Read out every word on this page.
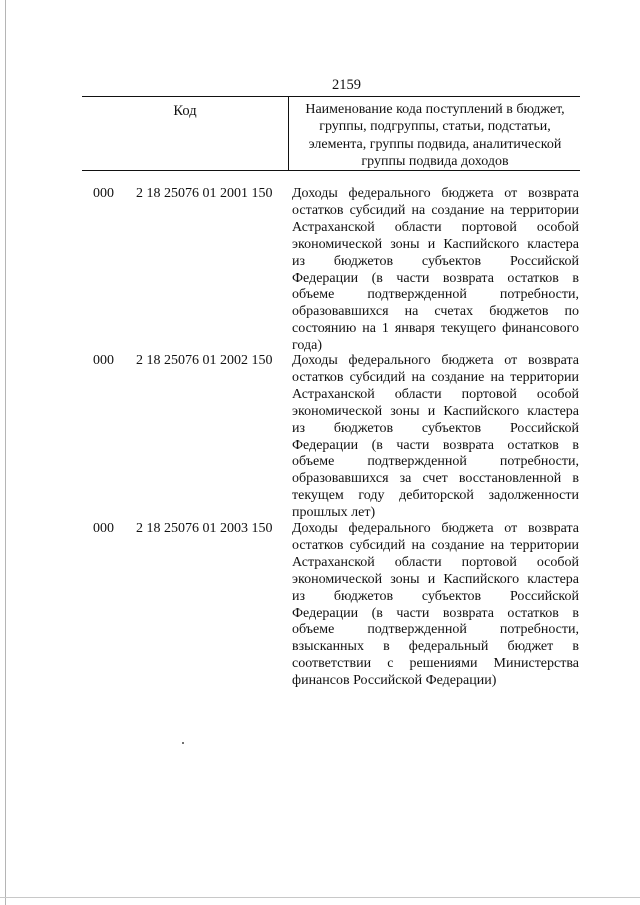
2159
Код	Наименование кода поступлений в бюджет,
группы, подгруппы, статьи, подстатьи,
элемента, группы подвида, аналитической
группы подвида доходов
000 2 18 25076 01 2001 150 Доходы федерального бюджета от возврата
остатков субсидий на создание на территории
Астраханской области портовой особой
экономической зоны и Каспийского кластера
из бюджетов субъектов Российской
Федерации (в части возврата остатков в
объеме подтвержденной потребности,
образовавшихся на счетах бюджетов по
состоянию на 1 января текущего финансового
года)
000 2 18 25076 01 2002 150 Доходы федерального бюджета от возврата
остатков субсидий на создание на территории
Астраханской области портовой особой
экономической зоны и Каспийского кластера
из бюджетов субъектов Российской
Федерации (в части возврата остатков в
объеме подтвержденной потребности,
образовавшихся за счет восстановленной в
текущем году дебиторской задолженности
прошлых лет)
000 2 18 25076 01 2003 150 Доходы федерального бюджета от возврата
остатков субсидий на создание на территории
Астраханской области портовой особой
экономической зоны и Каспийского кластера
из бюджетов субъектов Российской
Федерации (в части возврата остатков в
объеме подтвержденной потребности,
взысканных в федеральный бюджет в
соответствии с решениями Министерства
финансов Российской Федерации)
